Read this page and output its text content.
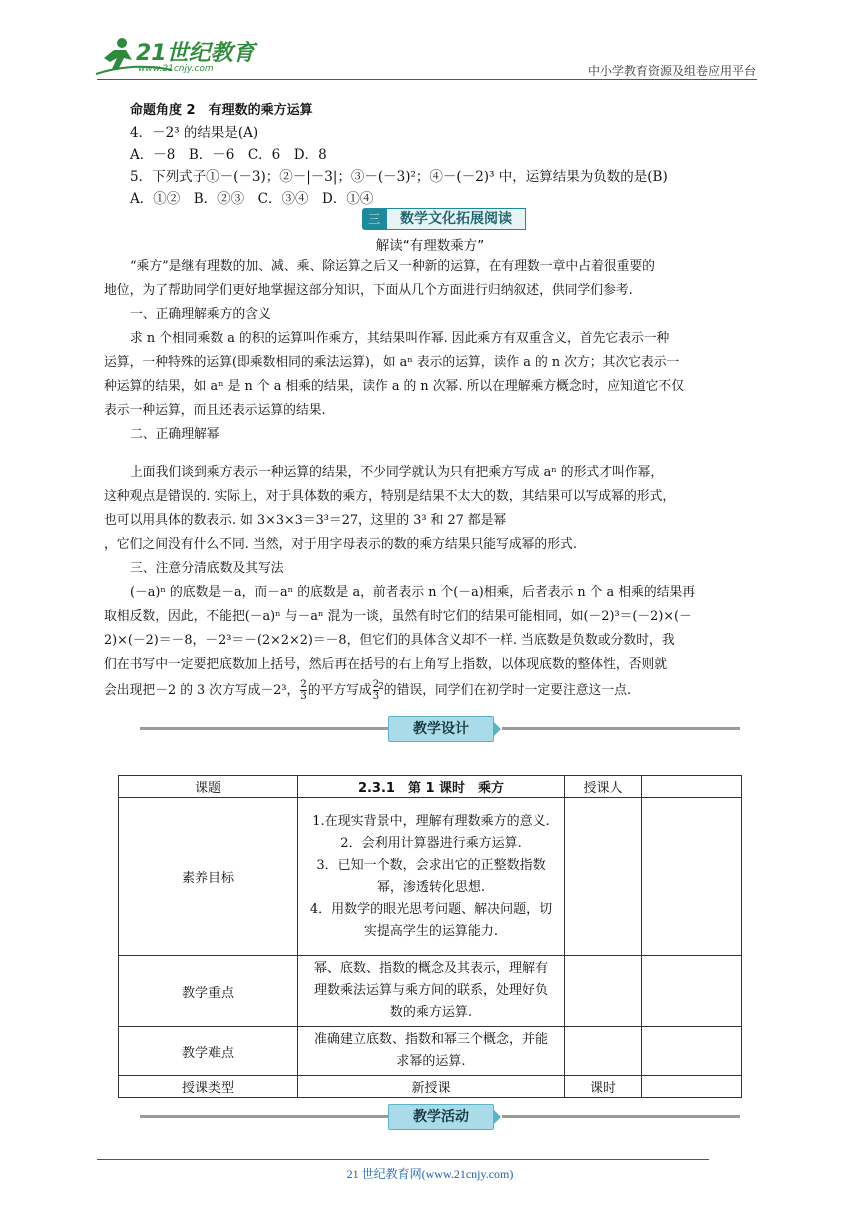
21世纪教育
www.21cnjy.com	中小学教育资源及组卷应用平台
命题角度 2　有理数的乘方运算
4．－2³ 的结果是(A)
A．－8　B．－6　C．6　D．8
5．下列式子①－(－3)；②－|－3|；③－(－3)²；④－(－2)³ 中，运算结果为负数的是(B)
A．①②　B．②③　C．③④　D．①④
三	数学文化拓展阅读
解读“有理数乘方”
“乘方”是继有理数的加、减、乘、除运算之后又一种新的运算，在有理数一章中占着很重要的
地位，为了帮助同学们更好地掌握这部分知识，下面从几个方面进行归纳叙述，供同学们参考.
一、正确理解乘方的含义
求 n 个相同乘数 a 的积的运算叫作乘方，其结果叫作幂. 因此乘方有双重含义，首先它表示一种
运算，一种特殊的运算(即乘数相同的乘法运算)，如 aⁿ 表示的运算，读作 a 的 n 次方；其次它表示一
种运算的结果，如 aⁿ 是 n 个 a 相乘的结果，读作 a 的 n 次幂. 所以在理解乘方概念时，应知道它不仅
表示一种运算，而且还表示运算的结果.
二、正确理解幂
上面我们谈到乘方表示一种运算的结果，不少同学就认为只有把乘方写成 aⁿ 的形式才叫作幂，
这种观点是错误的. 实际上，对于具体数的乘方，特别是结果不太大的数，其结果可以写成幂的形式，
也可以用具体的数表示. 如 3×3×3＝3³＝27，这里的 3³ 和 27 都是幂
，它们之间没有什么不同. 当然，对于用字母表示的数的乘方结果只能写成幂的形式.
三、注意分清底数及其写法
(－a)ⁿ 的底数是－a，而－aⁿ 的底数是 a，前者表示 n 个(－a)相乘，后者表示 n 个 a 相乘的结果再
取相反数，因此，不能把(－a)ⁿ 与－aⁿ 混为一谈，虽然有时它们的结果可能相同，如(－2)³＝(－2)×(－
2)×(－2)＝－8，－2³＝－(2×2×2)＝－8，但它们的具体含义却不一样. 当底数是负数或分数时，我
们在书写中一定要把底数加上括号，然后再在括号的右上角写上指数，以体现底数的整体性，否则就
会出现把－2 的 3 次方写成－2³， $\frac{2}{3}$ 的平方写成 $\frac{2}{3} ^2$的错误，同学们在初学时一定要注意这一点.
教学设计
课题	2.3.1　第 1 课时　乘方	授课人	
素养目标	1.在现实背景中，理解有理数乘方的意义.
2．会利用计算器进行乘方运算.
3．已知一个数，会求出它的正整数指数幂，渗透转化思想.
4．用数学的眼光思考问题、解决问题，切实提高学生的运算能力.		

教学重点	幂、底数、指数的概念及其表示，理解有理数乘法运算与乘方间的联系，处理好负数的乘方运算.		
教学难点	准确建立底数、指数和幂三个概念，并能求幂的运算.		
授课类型	新授课	课时	
教学活动
21 世纪教育网(www.21cnjy.com)
